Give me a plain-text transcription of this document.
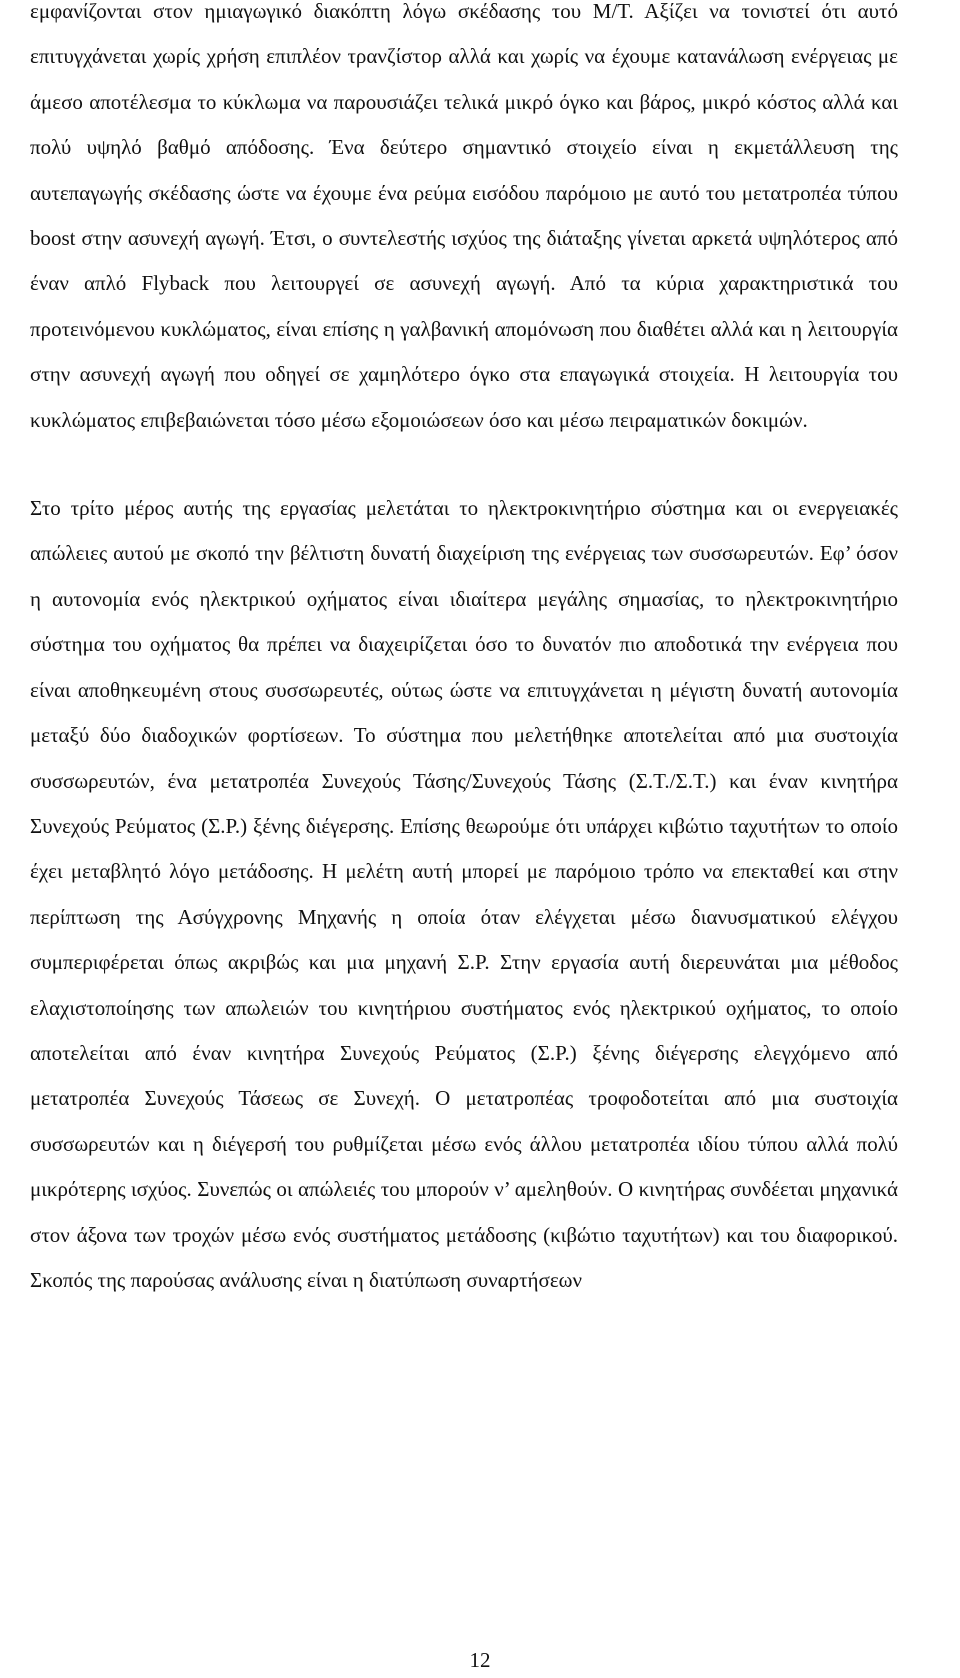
εμφανίζονται στον ημιαγωγικό διακόπτη λόγω σκέδασης του Μ/Τ. Αξίζει να τονιστεί ότι αυτό επιτυγχάνεται χωρίς χρήση επιπλέον τρανζίστορ αλλά και χωρίς να έχουμε κατανάλωση ενέργειας με άμεσο αποτέλεσμα το κύκλωμα να παρουσιάζει τελικά μικρό όγκο και βάρος, μικρό κόστος αλλά και πολύ υψηλό βαθμό απόδοσης. Ένα δεύτερο σημαντικό στοιχείο είναι η εκμετάλλευση της αυτεπαγωγής σκέδασης ώστε να έχουμε ένα ρεύμα εισόδου παρόμοιο με αυτό του μετατροπέα τύπου boost στην ασυνεχή αγωγή. Έτσι, ο συντελεστής ισχύος της διάταξης γίνεται αρκετά υψηλότερος από έναν απλό Flyback που λειτουργεί σε ασυνεχή αγωγή. Από τα κύρια χαρακτηριστικά του προτεινόμενου κυκλώματος, είναι επίσης η γαλβανική απομόνωση που διαθέτει αλλά και η λειτουργία στην ασυνεχή αγωγή που οδηγεί σε χαμηλότερο όγκο στα επαγωγικά στοιχεία. Η λειτουργία του κυκλώματος επιβεβαιώνεται τόσο μέσω εξομοιώσεων όσο και μέσω πειραματικών δοκιμών.

Στο τρίτο μέρος αυτής της εργασίας μελετάται το ηλεκτροκινητήριο σύστημα και οι ενεργειακές απώλειες αυτού με σκοπό την βέλτιστη δυνατή διαχείριση της ενέργειας των συσσωρευτών. Εφ’ όσον η αυτονομία ενός ηλεκτρικού οχήματος είναι ιδιαίτερα μεγάλης σημασίας, το ηλεκτροκινητήριο σύστημα του οχήματος θα πρέπει να διαχειρίζεται όσο το δυνατόν πιο αποδοτικά την ενέργεια που είναι αποθηκευμένη στους συσσωρευτές, ούτως ώστε να επιτυγχάνεται η μέγιστη δυνατή αυτονομία μεταξύ δύο διαδοχικών φορτίσεων. Το σύστημα που μελετήθηκε αποτελείται από μια συστοιχία συσσωρευτών, ένα μετατροπέα Συνεχούς Τάσης/Συνεχούς Τάσης (Σ.Τ./Σ.Τ.) και έναν κινητήρα Συνεχούς Ρεύματος (Σ.Ρ.) ξένης διέγερσης. Επίσης θεωρούμε ότι υπάρχει κιβώτιο ταχυτήτων το οποίο έχει μεταβλητό λόγο μετάδοσης. Η μελέτη αυτή μπορεί με παρόμοιο τρόπο να επεκταθεί και στην περίπτωση της Ασύγχρονης Μηχανής η οποία όταν ελέγχεται μέσω διανυσματικού ελέγχου συμπεριφέρεται όπως ακριβώς και μια μηχανή Σ.Ρ. Στην εργασία αυτή διερευνάται μια μέθοδος ελαχιστοποίησης των απωλειών του κινητήριου συστήματος ενός ηλεκτρικού οχήματος, το οποίο αποτελείται από έναν κινητήρα Συνεχούς Ρεύματος (Σ.Ρ.) ξένης διέγερσης ελεγχόμενο από μετατροπέα Συνεχούς Τάσεως σε Συνεχή. Ο μετατροπέας τροφοδοτείται από μια συστοιχία συσσωρευτών και η διέγερσή του ρυθμίζεται μέσω ενός άλλου μετατροπέα ιδίου τύπου αλλά πολύ μικρότερης ισχύος. Συνεπώς οι απώλειές του μπορούν ν’ αμεληθούν. Ο κινητήρας συνδέεται μηχανικά στον άξονα των τροχών μέσω ενός συστήματος μετάδοσης (κιβώτιο ταχυτήτων) και του διαφορικού. Σκοπός της παρούσας ανάλυσης είναι η διατύπωση συναρτήσεων

12
